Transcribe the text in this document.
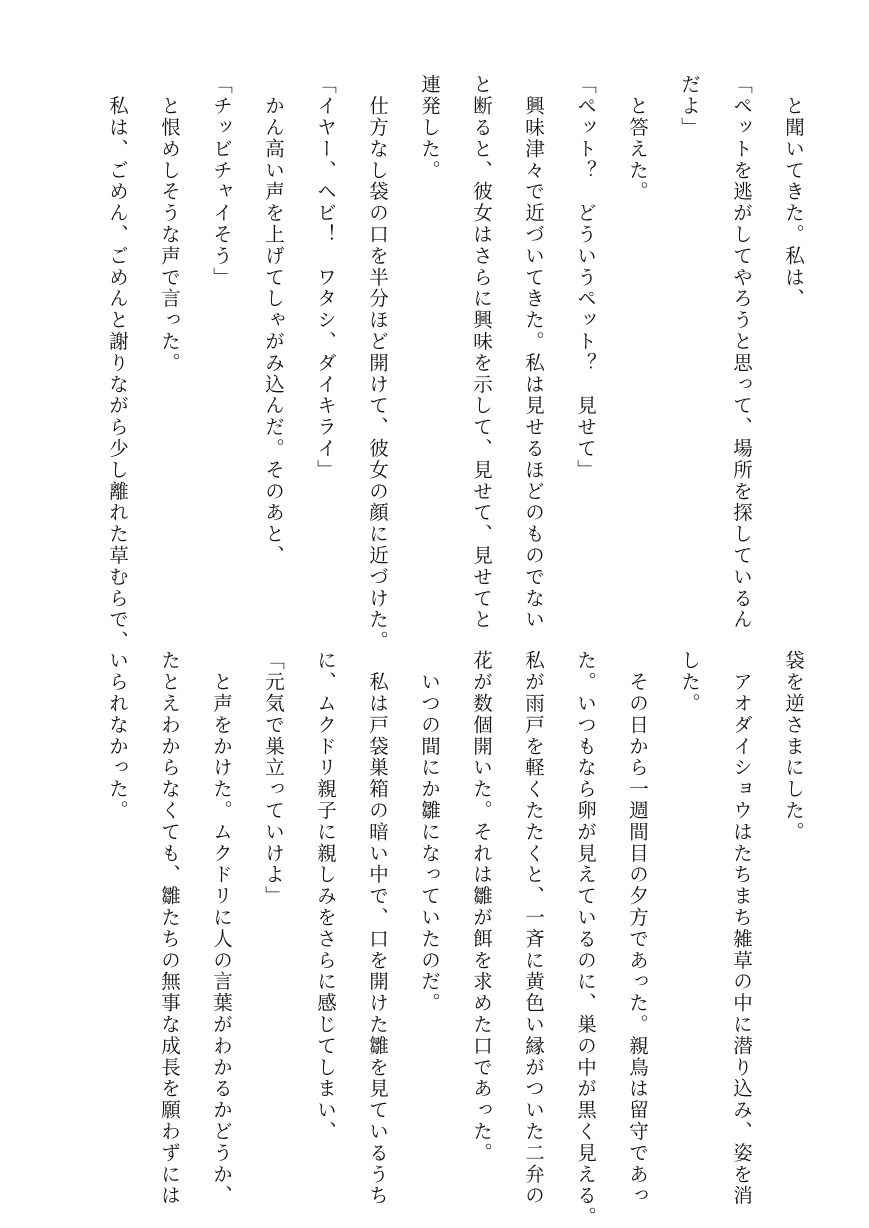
　と聞いてきた。私は、
「ペットを逃がしてやろうと思って、場所を探しているん
だよ」
　と答えた。
「ペット？　どういうペット？　見せて」
　興味津々で近づいてきた。私は見せるほどのものでない
と断ると、彼女はさらに興味を示して、見せて、見せてと
連発した。
　仕方なし袋の口を半分ほど開けて、彼女の顔に近づけた。
「イヤー、ヘビ！　ワタシ、ダイキライ」
　かん高い声を上げてしゃがみ込んだ。そのあと、
「チッビチャイそう」
　と恨めしそうな声で言った。
　私は、ごめん、ごめんと謝りながら少し離れた草むらで、
袋を逆さまにした。
　アオダイショウはたちまち雑草の中に潜り込み、姿を消
した。
　その日から一週間目の夕方であった。親鳥は留守であっ
た。いつもなら卵が見えているのに、巣の中が黒く見える。
私が雨戸を軽くたたくと、一斉に黄色い縁がついた二弁の
花が数個開いた。それは雛が餌を求めた口であった。
　いつの間にか雛になっていたのだ。
　私は戸袋巣箱の暗い中で、口を開けた雛を見ているうち
に、ムクドリ親子に親しみをさらに感じてしまい、
「元気で巣立っていけよ」
　と声をかけた。ムクドリに人の言葉がわかるかどうか、
たとえわからなくても、雛たちの無事な成長を願わずには
いられなかった。
